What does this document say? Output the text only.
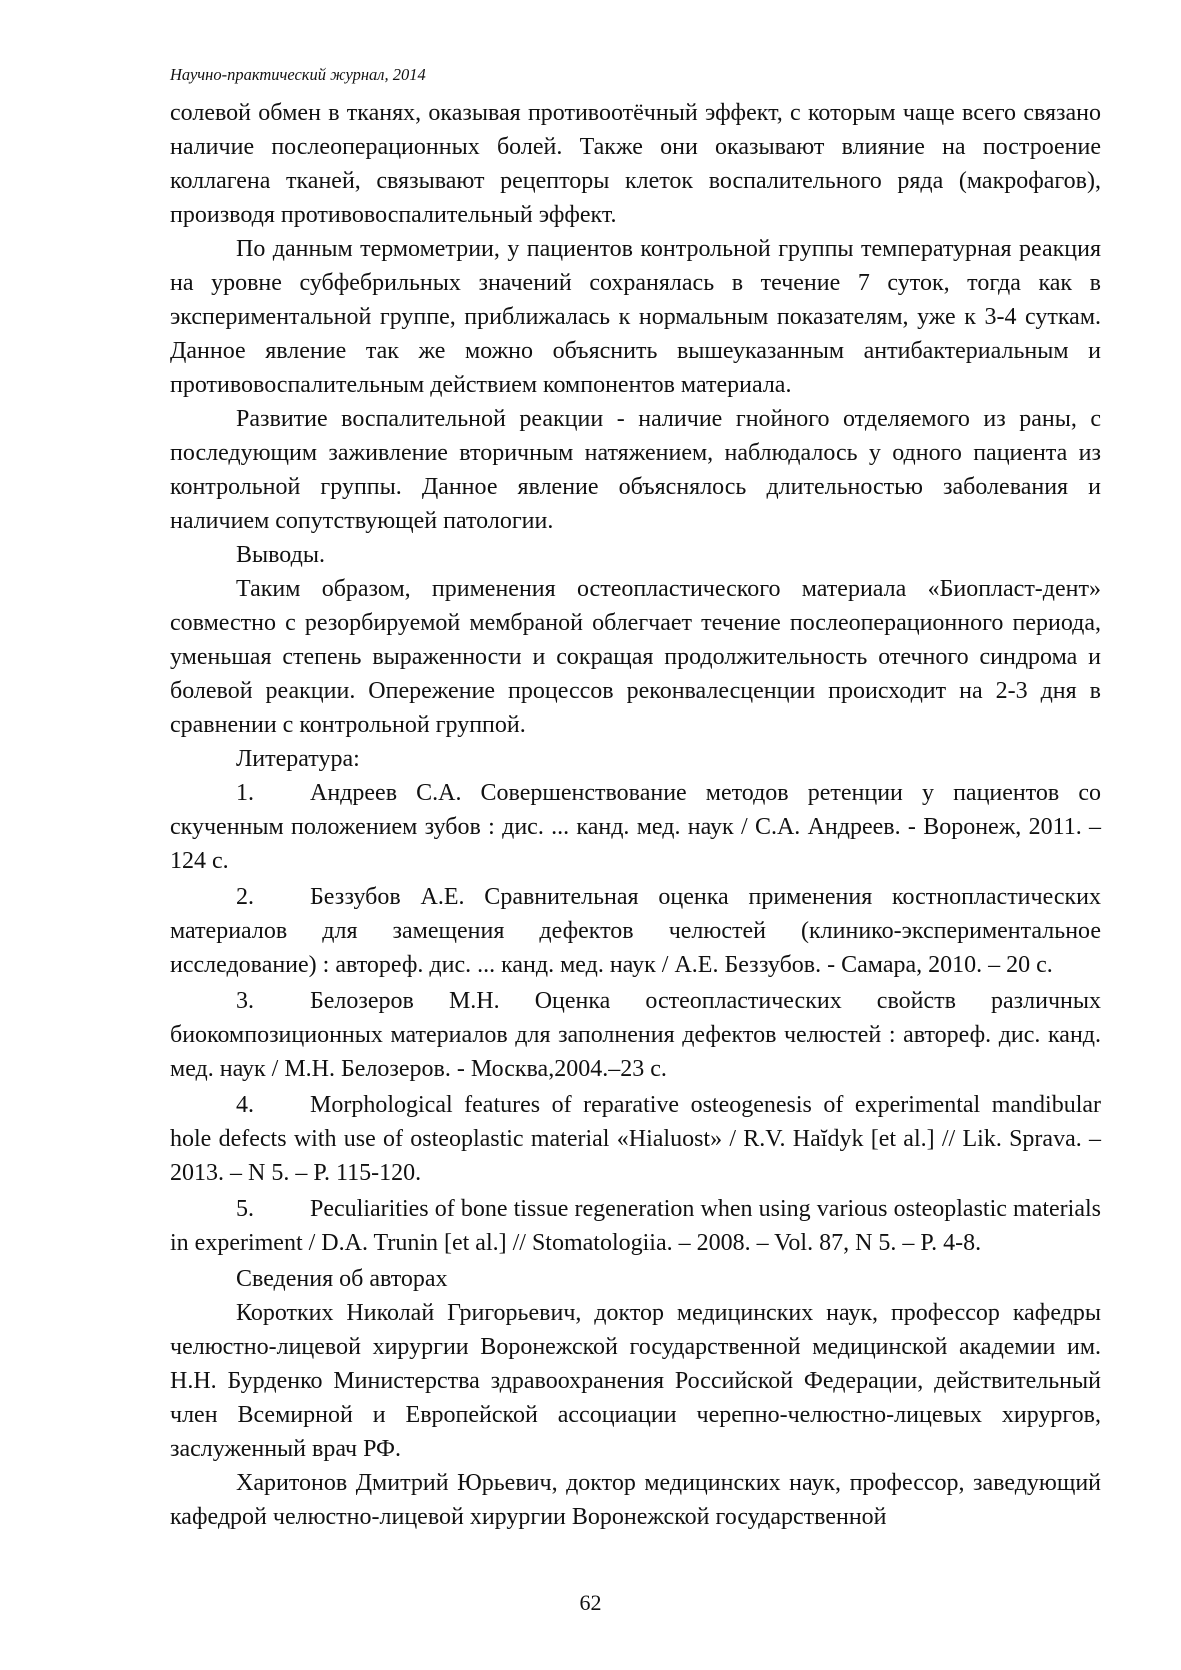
Научно-практический журнал, 2014

солевой обмен в тканях, оказывая противоотёчный эффект, с которым чаще всего связано наличие послеоперационных болей. Также они оказывают влияние на построение коллагена тканей, связывают рецепторы клеток воспалительного ряда (макрофагов), производя противовоспалительный эффект.

По данным термометрии, у пациентов контрольной группы температурная реакция на уровне субфебрильных значений сохранялась в течение 7 суток, тогда как в экспериментальной группе, приближалась к нормальным показателям, уже к 3-4 суткам. Данное явление так же можно объяснить вышеуказанным антибактериальным и противовоспалительным действием компонентов материала.

Развитие воспалительной реакции - наличие гнойного отделяемого из раны, с последующим заживление вторичным натяжением, наблюдалось у одного пациента из контрольной группы. Данное явление объяснялось длительностью заболевания и наличием сопутствующей патологии.

Выводы.

Таким образом, применения остеопластического материала «Биопласт-дент» совместно с резорбируемой мембраной облегчает течение послеоперационного периода, уменьшая степень выраженности и сокращая продолжительность отечного синдрома и болевой реакции. Опережение процессов реконвалесценции происходит на 2-3 дня в сравнении с контрольной группой.

Литература:

1. Андреев С.А. Совершенствование методов ретенции у пациентов со скученным положением зубов : дис. ... канд. мед. наук / С.А. Андреев. - Воронеж, 2011. – 124 с.

2. Беззубов А.Е. Сравнительная оценка применения костнопластических материалов для замещения дефектов челюстей (клинико-экспериментальное исследование) : автореф. дис. ... канд. мед. наук / А.Е. Беззубов. - Самара, 2010. – 20 с.

3. Белозеров М.Н. Оценка остеопластических свойств различных биокомпозиционных материалов для заполнения дефектов челюстей : автореф. дис. канд. мед. наук / М.Н. Белозеров. - Москва,2004.–23 с.

4. Morphological features of reparative osteogenesis of experimental mandibular hole defects with use of osteoplastic material «Hialuost» / R.V. Haĭdyk [et al.] // Lik. Sprava. – 2013. – N 5. – P. 115-120.

5. Peculiarities of bone tissue regeneration when using various osteoplastic materials in experiment / D.A. Trunin [et al.] // Stomatologiia. – 2008. – Vol. 87, N 5. – P. 4-8.

Сведения об авторах

Коротких Николай Григорьевич, доктор медицинских наук, профессор кафедры челюстно-лицевой хирургии Воронежской государственной медицинской академии им. Н.Н. Бурденко Министерства здравоохранения Российской Федерации, действительный член Всемирной и Европейской ассоциации черепно-челюстно-лицевых хирургов, заслуженный врач РФ.

Харитонов Дмитрий Юрьевич, доктор медицинских наук, профессор, заведующий кафедрой челюстно-лицевой хирургии Воронежской государственной

62
